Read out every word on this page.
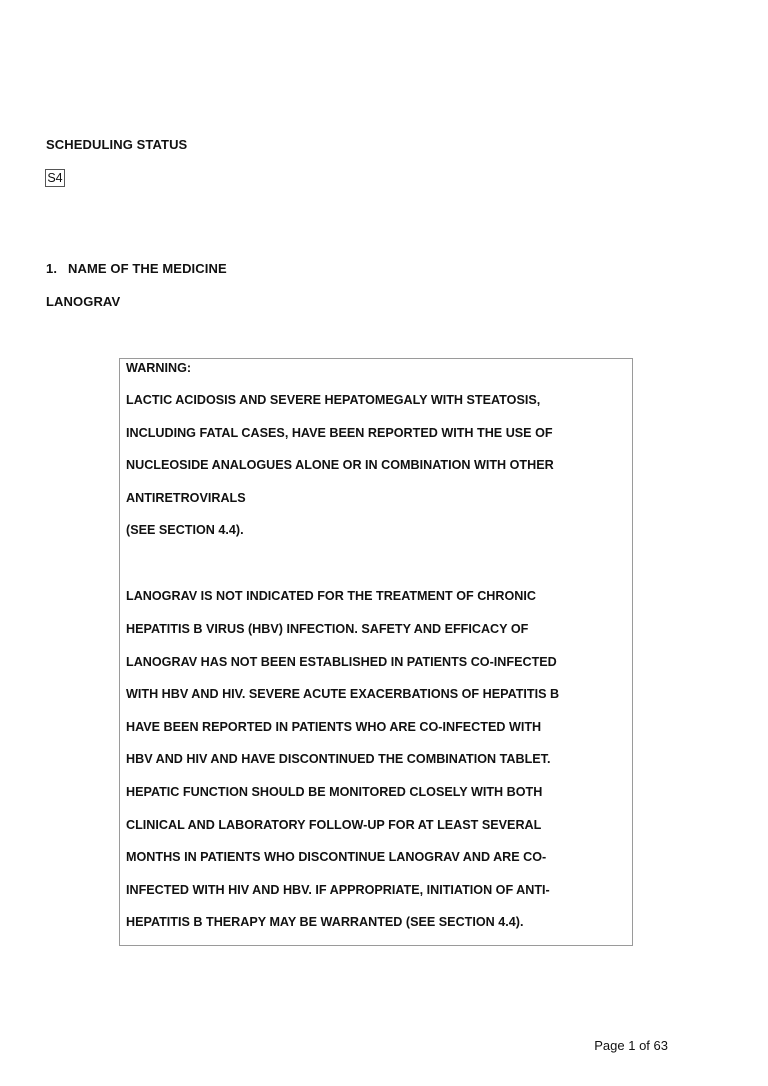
SCHEDULING STATUS
S4
1. NAME OF THE MEDICINE
LANOGRAV
WARNING:
LACTIC ACIDOSIS AND SEVERE HEPATOMEGALY WITH STEATOSIS,
INCLUDING FATAL CASES, HAVE BEEN REPORTED WITH THE USE OF
NUCLEOSIDE ANALOGUES ALONE OR IN COMBINATION WITH OTHER
ANTIRETROVIRALS
(SEE SECTION 4.4).
LANOGRAV IS NOT INDICATED FOR THE TREATMENT OF CHRONIC
HEPATITIS B VIRUS (HBV) INFECTION. SAFETY AND EFFICACY OF
LANOGRAV HAS NOT BEEN ESTABLISHED IN PATIENTS CO-INFECTED
WITH HBV AND HIV. SEVERE ACUTE EXACERBATIONS OF HEPATITIS B
HAVE BEEN REPORTED IN PATIENTS WHO ARE CO-INFECTED WITH
HBV AND HIV AND HAVE DISCONTINUED THE COMBINATION TABLET.
HEPATIC FUNCTION SHOULD BE MONITORED CLOSELY WITH BOTH
CLINICAL AND LABORATORY FOLLOW-UP FOR AT LEAST SEVERAL
MONTHS IN PATIENTS WHO DISCONTINUE LANOGRAV AND ARE CO-
INFECTED WITH HIV AND HBV. IF APPROPRIATE, INITIATION OF ANTI-
HEPATITIS B THERAPY MAY BE WARRANTED (SEE SECTION 4.4).
Page 1 of 63
